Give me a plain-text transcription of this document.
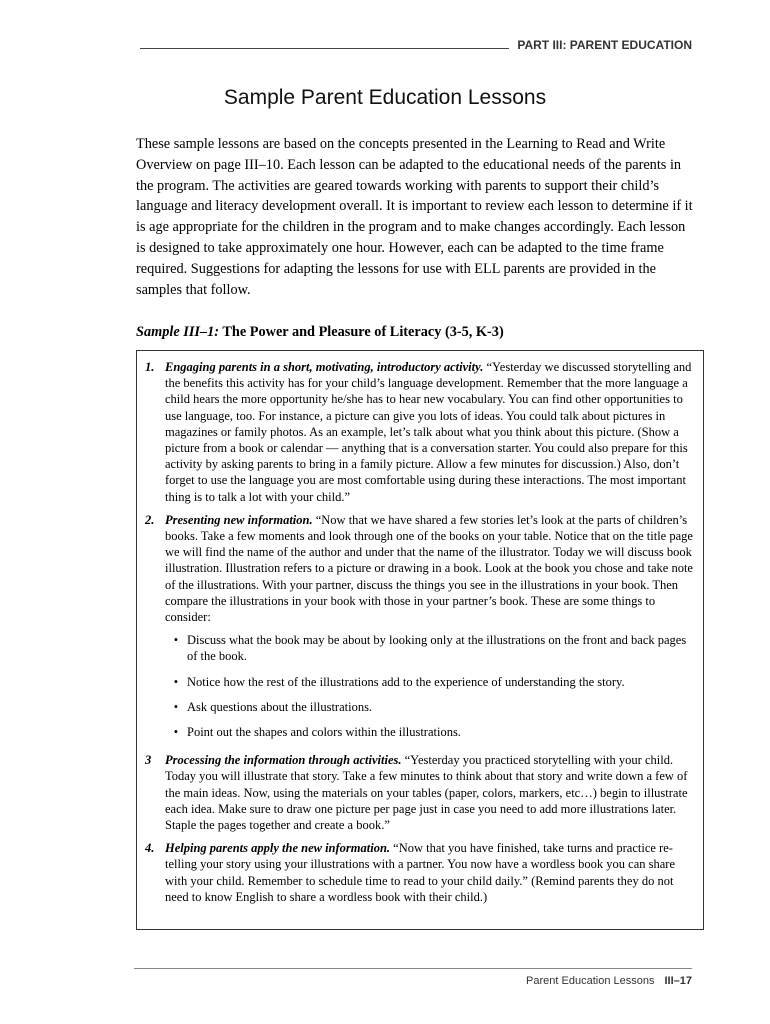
PART III: PARENT EDUCATION
Sample Parent Education Lessons

These sample lessons are based on the concepts presented in the Learning to Read and Write Overview on page III–10. Each lesson can be adapted to the educational needs of the parents in the program. The activities are geared towards working with parents to support their child’s language and literacy development overall. It is important to review each lesson to determine if it is age appropriate for the children in the program and to make changes accordingly. Each lesson is designed to take approximately one hour. However, each can be adapted to the time frame required. Suggestions for adapting the lessons for use with ELL parents are provided in the samples that follow.

Sample III–1: The Power and Pleasure of Literacy (3-5, K-3)

1. Engaging parents in a short, motivating, introductory activity. “Yesterday we discussed storytelling and the benefits this activity has for your child’s language development. Remember that the more language a child hears the more opportunity he/she has to hear new vocabulary. You can find other opportunities to use language, too. For instance, a picture can give you lots of ideas. You could talk about pictures in magazines or family photos. As an example, let’s talk about what you think about this picture. (Show a picture from a book or calendar — anything that is a conversation starter. You could also prepare for this activity by asking parents to bring in a family picture. Allow a few minutes for discussion.) Also, don’t forget to use the language you are most comfortable using during these interactions. The most important thing is to talk a lot with your child.”
2. Presenting new information. “Now that we have shared a few stories let’s look at the parts of children’s books. Take a few moments and look through one of the books on your table. Notice that on the title page we will find the name of the author and under that the name of the illustrator. Today we will discuss book illustration. Illustration refers to a picture or drawing in a book. Look at the book you chose and take note of the illustrations. With your partner, discuss the things you see in the illustrations in your book. Then compare the illustrations in your book with those in your partner’s book. These are some things to consider:
• Discuss what the book may be about by looking only at the illustrations on the front and back pages of the book.
• Notice how the rest of the illustrations add to the experience of understanding the story.
• Ask questions about the illustrations.
• Point out the shapes and colors within the illustrations.
3	Processing the information through activities. “Yesterday you practiced storytelling with your child. Today you will illustrate that story. Take a few minutes to think about that story and write down a few of the main ideas. Now, using the materials on your tables (paper, colors, markers, etc…) begin to illustrate each idea. Make sure to draw one picture per page just in case you need to add more illustrations later. Staple the pages together and create a book.”
4. Helping parents apply the new information. “Now that you have finished, take turns and practice re-telling your story using your illustrations with a partner. You now have a wordless book you can share with your child. Remember to schedule time to read to your child daily.” (Remind parents they do not need to know English to share a wordless book with their child.)
Parent Education Lessons III–17
